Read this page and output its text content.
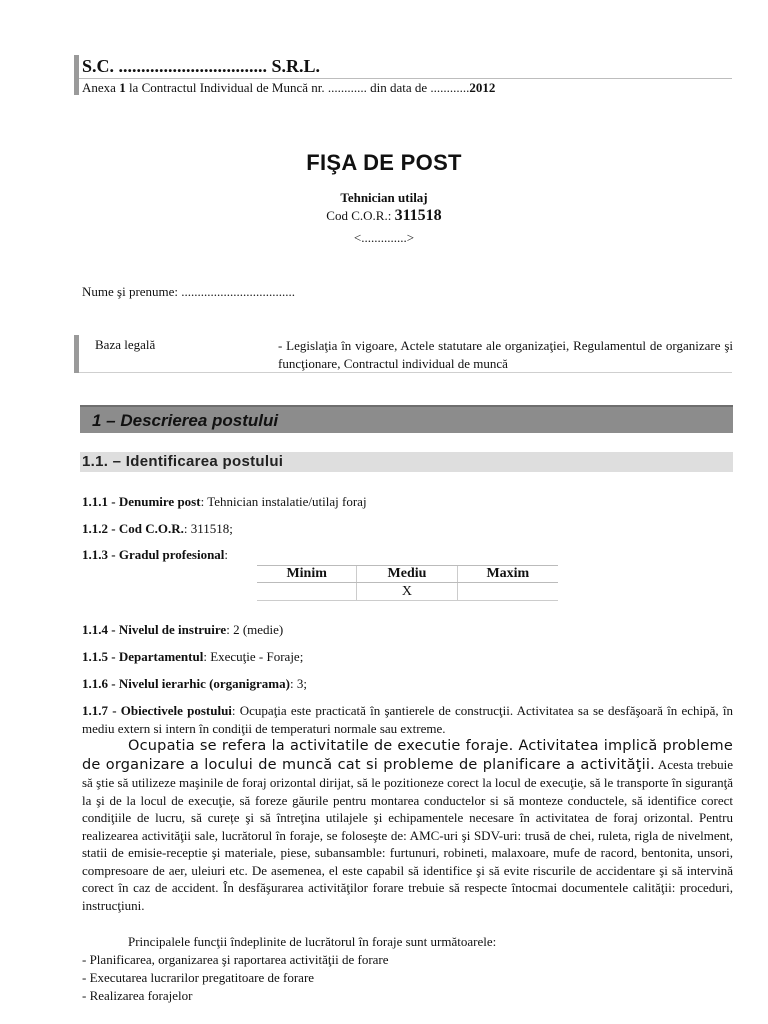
S.C. ................................. S.R.L.
Anexa 1 la Contractul Individual de Muncă nr. ............ din data de ............2012
FIŞA DE POST
Tehnician utilaj
Cod C.O.R.: 311518
<..............>
Nume şi prenume: ...................................
Baza legală	- Legislaţia în vigoare, Actele statutare ale organizaţiei, Regulamentul de organizare şi funcţionare, Contractul individual de muncă
1 – Descrierea postului
1.1. – Identificarea postului
1.1.1 - Denumire post: Tehnician instalatie/utilaj foraj
1.1.2 - Cod C.O.R.: 311518;
1.1.3 - Gradul profesional:
Minim	Mediu	Maxim
	X	
1.1.4 - Nivelul de instruire: 2 (medie)
1.1.5 - Departamentul: Execuţie - Foraje;
1.1.6 - Nivelul ierarhic (organigrama): 3;
1.1.7 - Obiectivele postului: Ocupaţia este practicată în şantierele de construcţii. Activitatea sa se desfăşoară în echipă, în mediu extern si intern în condiţii de temperaturi normale sau extreme.
Ocupatia se refera la activitatile de executie foraje. Activitatea implică probleme de organizare a locului de muncă cat si probleme de planificare a activităţii. Acesta trebuie să ştie să utilizeze maşinile de foraj orizontal dirijat, să le pozitioneze corect la locul de execuţie, să le transporte în siguranţă la şi de la locul de execuţie, să foreze găurile pentru montarea conductelor si să monteze conductele, să identifice corect condiţiile de lucru, să curețe şi să întreţina utilajele şi echipamentele necesare în activitatea de foraj orizontal. Pentru realizearea activităţii sale, lucrătorul în foraje, se foloseşte de: AMC-uri şi SDV-uri: trusă de chei, ruleta, rigla de nivelment, statii de emisie-receptie şi materiale, piese, subansamble: furtunuri, robineti, malaxoare, mufe de racord, bentonita, unsori, compresoare de aer, uleiuri etc. De asemenea, el este capabil să identifice şi să evite riscurile de accidentare şi să intervină corect în caz de accident. În desfăşurarea activităţilor forare trebuie să respecte întocmai documentele calităţii: proceduri, instrucţiuni.
Principalele funcţii îndeplinite de lucrătorul în foraje sunt următoarele:
- Planificarea, organizarea şi raportarea activităţii de forare
- Executarea lucrarilor pregatitoare de forare
- Realizarea forajelor
